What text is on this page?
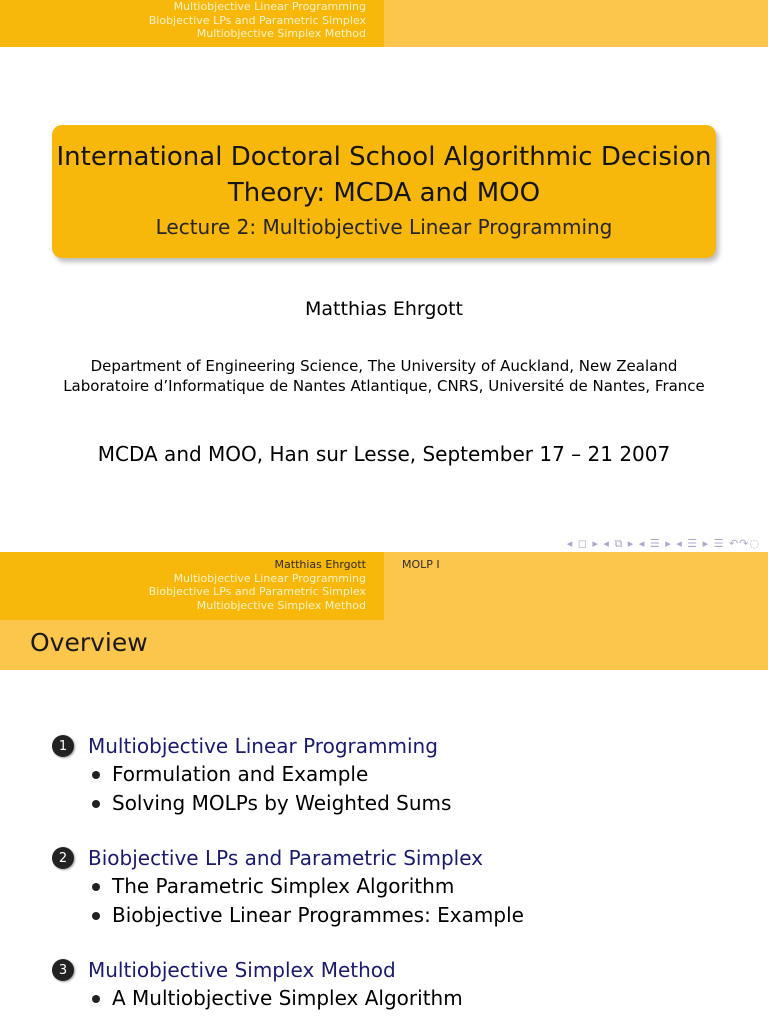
Multiobjective Linear Programming
Biobjective LPs and Parametric Simplex
Multiobjective Simplex Method
International Doctoral School Algorithmic Decision Theory: MCDA and MOO
Lecture 2: Multiobjective Linear Programming
Matthias Ehrgott
Department of Engineering Science, The University of Auckland, New Zealand
Laboratoire d’Informatique de Nantes Atlantique, CNRS, Université de Nantes, France
MCDA and MOO, Han sur Lesse, September 17 – 21 2007
◂ ◻ ▸ ◂ ⧉ ▸ ◂ ☰ ▸ ◂ ☰ ▸ ☰ ↶↷◌
Matthias Ehrgott
Multiobjective Linear Programming
Biobjective LPs and Parametric Simplex
Multiobjective Simplex Method
MOLP I
Overview
1	Multiobjective Linear Programming
Formulation and Example
Solving MOLPs by Weighted Sums
2	Biobjective LPs and Parametric Simplex
The Parametric Simplex Algorithm
Biobjective Linear Programmes: Example
3	Multiobjective Simplex Method
A Multiobjective Simplex Algorithm
